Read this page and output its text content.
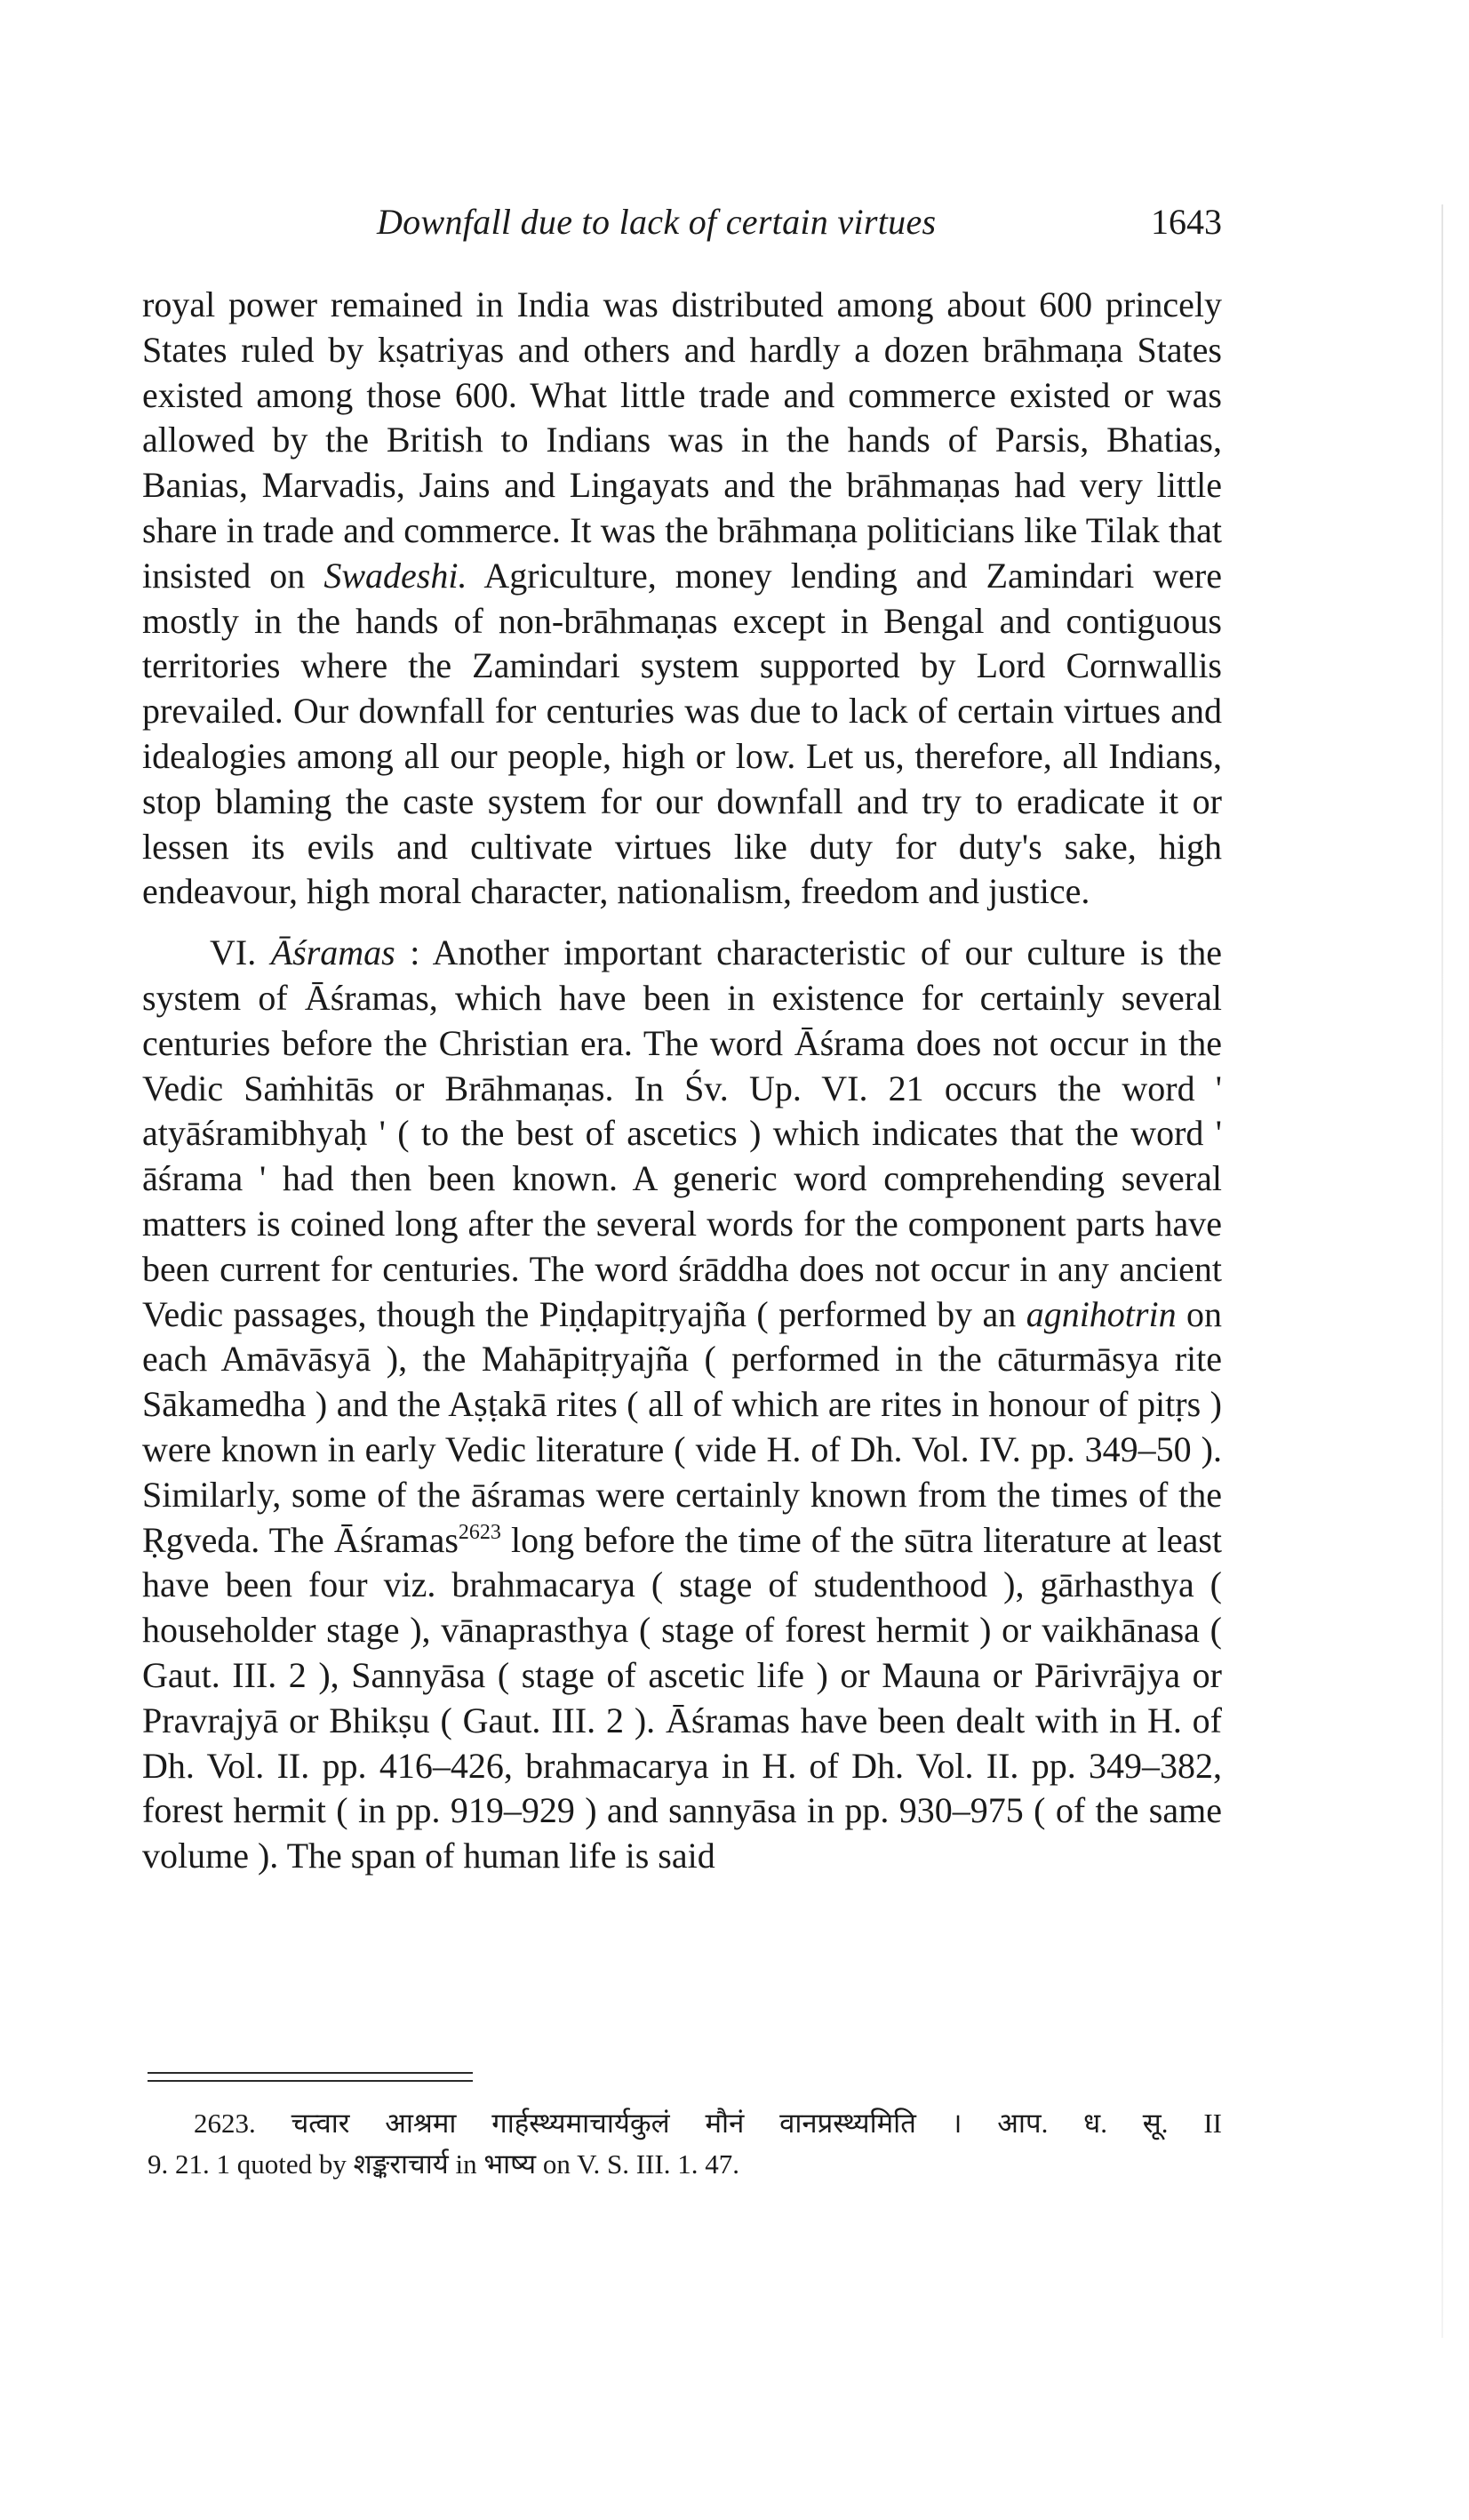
Downfall due to lack of certain virtues	1643

royal power remained in India was distributed among about 600 princely States ruled by kṣatriyas and others and hardly a dozen brāhmaṇa States existed among those 600. What little trade and commerce existed or was allowed by the British to Indians was in the hands of Parsis, Bhatias, Banias, Marvadis, Jains and Lingayats and the brāhmaṇas had very little share in trade and commerce. It was the brāhmaṇa politicians like Tilak that insisted on Swadeshi. Agriculture, money lending and Zamindari were mostly in the hands of non-brāhmaṇas except in Bengal and contiguous territories where the Zamindari system supported by Lord Cornwallis prevailed. Our downfall for centuries was due to lack of certain virtues and idealogies among all our people, high or low. Let us, therefore, all Indians, stop blaming the caste system for our downfall and try to eradicate it or lessen its evils and cultivate virtues like duty for duty's sake, high endeavour, high moral character, nationalism, freedom and justice.

VI. Āśramas : Another important characteristic of our culture is the system of Āśramas, which have been in existence for certainly several centuries before the Christian era. The word Āśrama does not occur in the Vedic Saṁhitās or Brāhmaṇas. In Śv. Up. VI. 21 occurs the word ' atyāśramibhyaḥ ' ( to the best of ascetics ) which indicates that the word ' āśrama ' had then been known. A generic word comprehending several matters is coined long after the several words for the component parts have been current for centuries. The word śrāddha does not occur in any ancient Vedic passages, though the Piṇḍapitṛyajña ( performed by an agnihotrin on each Amāvāsyā ), the Mahāpitṛyajña ( performed in the cāturmāsya rite Sākamedha ) and the Aṣṭakā rites ( all of which are rites in honour of pitṛs ) were known in early Vedic literature ( vide H. of Dh. Vol. IV. pp. 349–50 ). Similarly, some of the āśramas were certainly known from the times of the Ṛgveda. The Āśramas$^{2623}$ long before the time of the sūtra literature at least have been four viz. brahmacarya ( stage of studenthood ), gārhasthya ( householder stage ), vānaprasthya ( stage of forest hermit ) or vaikhānasa ( Gaut. III. 2 ), Sannyāsa ( stage of ascetic life ) or Mauna or Pārivrājya or Pravrajyā or Bhikṣu ( Gaut. III. 2 ). Āśramas have been dealt with in H. of Dh. Vol. II. pp. 416–426, brahmacarya in H. of Dh. Vol. II. pp. 349–382, forest hermit ( in pp. 919–929 ) and sannyāsa in pp. 930–975 ( of the same volume ). The span of human life is said

2623. चत्वार आश्रमा गार्हस्थ्यमाचार्यकुलं मौनं वानप्रस्थ्यमिति । आप. ध. सू. II
9. 21. 1 quoted by शङ्कराचार्य in भाष्य on V. S. III. 1. 47.
